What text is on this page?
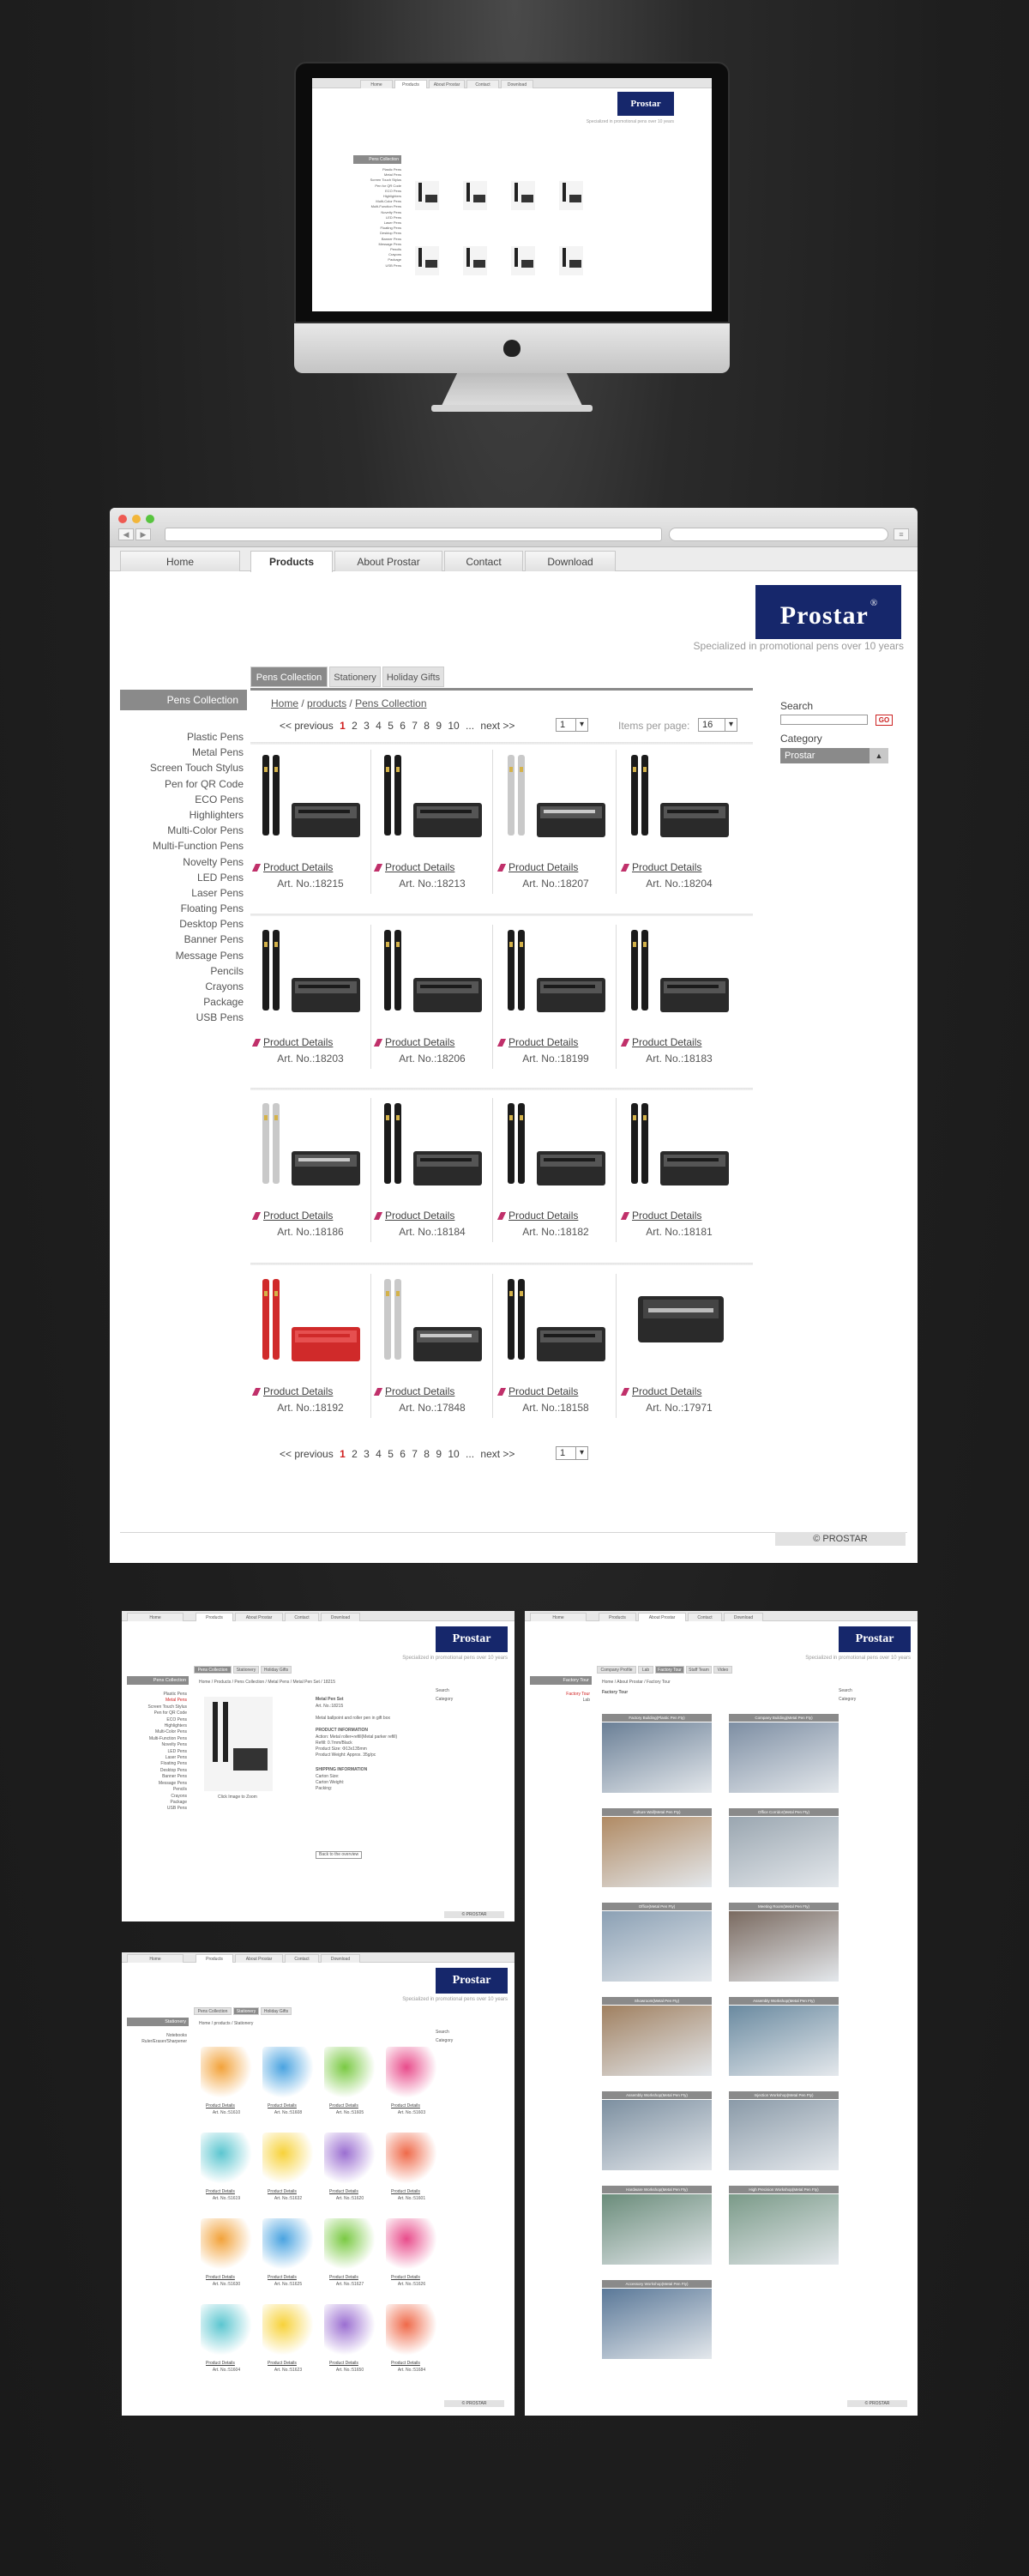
Home	Products	About Prostar	Contact	Download
Prostar
Specialized in promotional pens over 10 years
Pens Collection
Plastic Pens
Metal Pens
Screen Touch Stylus
Pen for QR Code
ECO Pens
Highlighters
Multi-Color Pens
Multi-Function Pens
Novelty Pens
LED Pens
Laser Pens
Floating Pens
Desktop Pens
Banner Pens
Message Pens
Pencils
Crayons
Package
USB Pens
◀	▶	≡
Home	Products	About Prostar	Contact	Download
Prostar ®
Specialized in promotional pens over 10 years
Pens Collection	Stationery	Holiday Gifts
Pens Collection
Plastic Pens
Metal Pens
Screen Touch Stylus
Pen for QR Code
ECO Pens
Highlighters
Multi-Color Pens
Multi-Function Pens
Novelty Pens
LED Pens
Laser Pens
Floating Pens
Desktop Pens
Banner Pens
Message Pens
Pencils
Crayons
Package
USB Pens
Home / products / Pens Collection
<< previous 1 2 3 4 5 6 7 8 9 10 ... next >>	1 ▾	Items per page:	16 ▾
Search
GO
Category
Prostar ▲
Product Details
Art. No.:18215
Product Details
Art. No.:18213
Product Details
Art. No.:18207
Product Details
Art. No.:18204
Product Details
Art. No.:18203
Product Details
Art. No.:18206
Product Details
Art. No.:18199
Product Details
Art. No.:18183
Product Details
Art. No.:18186
Product Details
Art. No.:18184
Product Details
Art. No.:18182
Product Details
Art. No.:18181
Product Details
Art. No.:18192
Product Details
Art. No.:17848
Product Details
Art. No.:18158
Product Details
Art. No.:17971
<< previous 1 2 3 4 5 6 7 8 9 10 ... next >>	1 ▾
© PROSTAR
Home	Products	About Prostar	Contact	Download
Prostar
Specialized in promotional pens over 10 years
Pens Collection	Stationery	Holiday Gifts
Pens Collection
Plastic Pens
Metal Pens
Screen Touch Stylus
Pen for QR Code
ECO Pens
Highlighters
Multi-Color Pens
Multi-Function Pens
Novelty Pens
LED Pens
Laser Pens
Floating Pens
Desktop Pens
Banner Pens
Message Pens
Pencils
Crayons
Package
USB Pens
Home / Products / Pens Collection / Metal Pens / Metal Pen Set / 18215
Click Image to Zoom
Metal Pen Set
Art. No.:18215
Metal ballpoint and roller pen in gift box
PRODUCT INFORMATION
Action: Metal roller+refill(Metal parker refill)
Refill: 0.7mm/Black
Product Size: Φ13x135mm
Product Weight: Approx. 35g/pc
SHIPPING INFORMATION
Carton Size:
Carton Weight:
Packing:
Back to the overview
Search
Category
© PROSTAR
Home	Products	About Prostar	Contact	Download
Prostar
Specialized in promotional pens over 10 years
Company Profile	Lab	Factory Tour	Staff Team	Video
Factory Tour
Factory Tour
Lab
Home / About Prostar / Factory Tour
Factory Tour
Factory Building(Plastic Pen Fty)	Company Building(Metal Pen Fty)
Culture Wall(Metal Pen Fty)	Office Corridor(Metal Pen Fty)
Office(Metal Pen Fty)	Meeting Room(Metal Pen Fty)
Showroom(Metal Pen Fty)	Assembly Workshop(Metal Pen Fty)
Assembly Workshop(Metal Pen Fty)	Injection Workshop(Metal Pen Fty)
Hardware Workshop(Metal Pen Fty)	High Precision Workshop(Metal Pen Fty)
Accessory Workshop(Metal Pen Fty)
Search
Category
© PROSTAR
Home	Products	About Prostar	Contact	Download
Prostar
Specialized in promotional pens over 10 years
Pens Collection	Stationery	Holiday Gifts
Stationery
Notebooks
Ruler/Eraser/Sharpener
Home / products / Stationery
Product Details
Art. No.:51610
Product Details
Art. No.:51608
Product Details
Art. No.:51605
Product Details
Art. No.:51603
Product Details
Art. No.:51619
Product Details
Art. No.:51632
Product Details
Art. No.:51620
Product Details
Art. No.:51601
Product Details
Art. No.:51630
Product Details
Art. No.:51625
Product Details
Art. No.:51627
Product Details
Art. No.:51626
Product Details
Art. No.:51604
Product Details
Art. No.:51623
Product Details
Art. No.:51650
Product Details
Art. No.:51684
Search
Category
© PROSTAR
